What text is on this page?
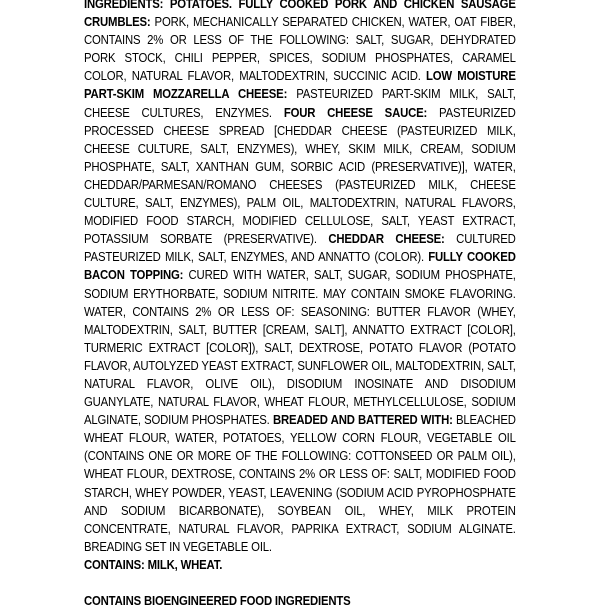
INGREDIENTS: POTATOES. FULLY COOKED PORK AND CHICKEN SAUSAGE CRUMBLES: PORK, MECHANICALLY SEPARATED CHICKEN, WATER, OAT FIBER, CONTAINS 2% OR LESS OF THE FOLLOWING: SALT, SUGAR, DEHYDRATED PORK STOCK, CHILI PEPPER, SPICES, SODIUM PHOSPHATES, CARAMEL COLOR, NATURAL FLAVOR, MALTODEXTRIN, SUCCINIC ACID. LOW MOISTURE PART-SKIM MOZZARELLA CHEESE: PASTEURIZED PART-SKIM MILK, SALT, CHEESE CULTURES, ENZYMES. FOUR CHEESE SAUCE: PASTEURIZED PROCESSED CHEESE SPREAD [CHEDDAR CHEESE (PASTEURIZED MILK, CHEESE CULTURE, SALT, ENZYMES), WHEY, SKIM MILK, CREAM, SODIUM PHOSPHATE, SALT, XANTHAN GUM, SORBIC ACID (PRESERVATIVE)], WATER, CHEDDAR/PARMESAN/ROMANO CHEESES (PASTEURIZED MILK, CHEESE CULTURE, SALT, ENZYMES), PALM OIL, MALTODEXTRIN, NATURAL FLAVORS, MODIFIED FOOD STARCH, MODIFIED CELLULOSE, SALT, YEAST EXTRACT, POTASSIUM SORBATE (PRESERVATIVE). CHEDDAR CHEESE: CULTURED PASTEURIZED MILK, SALT, ENZYMES, AND ANNATTO (COLOR). FULLY COOKED BACON TOPPING: CURED WITH WATER, SALT, SUGAR, SODIUM PHOSPHATE, SODIUM ERYTHORBATE, SODIUM NITRITE. MAY CONTAIN SMOKE FLAVORING. WATER, CONTAINS 2% OR LESS OF: SEASONING: BUTTER FLAVOR (WHEY, MALTODEXTRIN, SALT, BUTTER [CREAM, SALT], ANNATTO EXTRACT [COLOR], TURMERIC EXTRACT [COLOR]), SALT, DEXTROSE, POTATO FLAVOR (POTATO FLAVOR, AUTOLYZED YEAST EXTRACT, SUNFLOWER OIL, MALTODEXTRIN, SALT, NATURAL FLAVOR, OLIVE OIL), DISODIUM INOSINATE AND DISODIUM GUANYLATE, NATURAL FLAVOR, WHEAT FLOUR, METHYLCELLULOSE, SODIUM ALGINATE, SODIUM PHOSPHATES. BREADED AND BATTERED WITH: BLEACHED WHEAT FLOUR, WATER, POTATOES, YELLOW CORN FLOUR, VEGETABLE OIL (CONTAINS ONE OR MORE OF THE FOLLOWING: COTTONSEED OR PALM OIL), WHEAT FLOUR, DEXTROSE, CONTAINS 2% OR LESS OF: SALT, MODIFIED FOOD STARCH, WHEY POWDER, YEAST, LEAVENING (SODIUM ACID PYROPHOSPHATE AND SODIUM BICARBONATE), SOYBEAN OIL, WHEY, MILK PROTEIN CONCENTRATE, NATURAL FLAVOR, PAPRIKA EXTRACT, SODIUM ALGINATE. BREADING SET IN VEGETABLE OIL.

CONTAINS: MILK, WHEAT.

CONTAINS BIOENGINEERED FOOD INGREDIENTS
